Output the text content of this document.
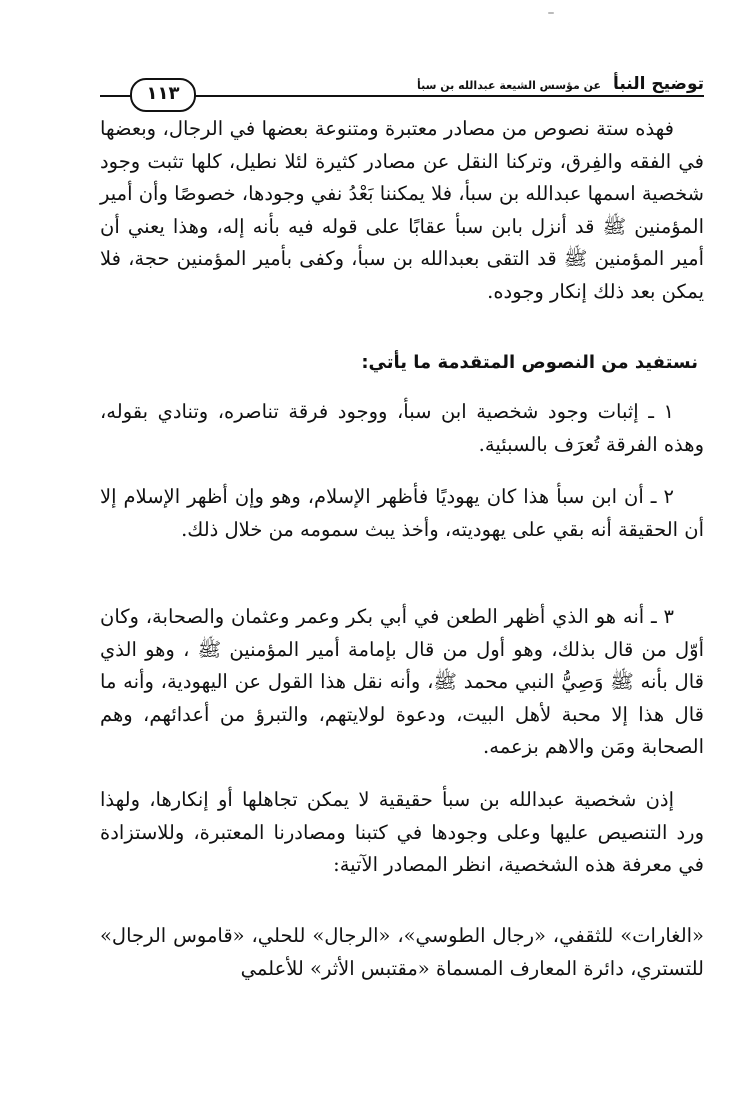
توضيح النبأ عن مؤسس الشيعة عبدالله بن سبأ
١١٣

فهذه ستة نصوص من مصادر معتبرة ومتنوعة بعضها في الرجال، وبعضها في الفقه والفِرق، وتركنا النقل عن مصادر كثيرة لئلا نطيل، كلها تثبت وجود شخصية اسمها عبدالله بن سبأ، فلا يمكننا بَعْدُ نفي وجودها، خصوصًا وأن أمير المؤمنين ﷺ قد أنزل بابن سبأ عقابًا على قوله فيه بأنه إله، وهذا يعني أن أمير المؤمنين ﷺ قد التقى بعبدالله بن سبأ، وكفى بأمير المؤمنين حجة، فلا يمكن بعد ذلك إنكار وجوده.

نستفيد من النصوص المتقدمة ما يأتي:

١ ـ إثبات وجود شخصية ابن سبأ، ووجود فرقة تناصره، وتنادي بقوله، وهذه الفرقة تُعرَف بالسبئية.

٢ ـ أن ابن سبأ هذا كان يهوديًا فأظهر الإسلام، وهو وإن أظهر الإسلام إلا أن الحقيقة أنه بقي على يهوديته، وأخذ يبث سمومه من خلال ذلك.

٣ ـ أنه هو الذي أظهر الطعن في أبي بكر وعمر وعثمان والصحابة، وكان أوّل من قال بذلك، وهو أول من قال بإمامة أمير المؤمنين ﷺ ، وهو الذي قال بأنه ﷺ وَصِيُّ النبي محمد ﷺ، وأنه نقل هذا القول عن اليهودية، وأنه ما قال هذا إلا محبة لأهل البيت، ودعوة لولايتهم، والتبرؤ من أعدائهم، وهم الصحابة ومَن والاهم بزعمه.

إذن شخصية عبدالله بن سبأ حقيقية لا يمكن تجاهلها أو إنكارها، ولهذا ورد التنصيص عليها وعلى وجودها في كتبنا ومصادرنا المعتبرة، وللاستزادة في معرفة هذه الشخصية، انظر المصادر الآتية:

«الغارات» للثقفي، «رجال الطوسي»، «الرجال» للحلي، «قاموس الرجال» للتستري، دائرة المعارف المسماة «مقتبس الأثر» للأعلمي
